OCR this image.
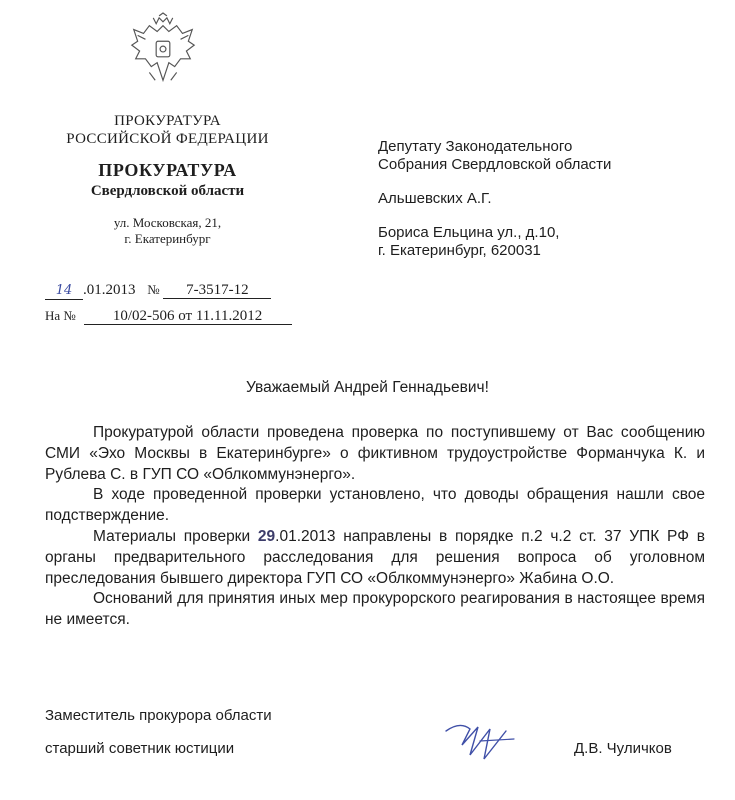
ПРОКУРАТУРА
РОССИЙСКОЙ ФЕДЕРАЦИИ
ПРОКУРАТУРА
Свердловской области
ул. Московская, 21,
г. Екатеринбург
Депутату Законодательного
Собрания Свердловской области
Альшевских А.Г.
Бориса Ельцина ул., д.10,
г. Екатеринбург, 620031
14 .01.2013 № 7-3517-12
На № 10/02-506 от 11.11.2012
Уважаемый Андрей Геннадьевич!

Прокуратурой области проведена проверка по поступившему от Вас сообщению СМИ «Эхо Москвы в Екатеринбурге» о фиктивном трудоустройстве Форманчука К. и Рублева С. в ГУП СО «Облкоммунэнерго».

В ходе проведенной проверки установлено, что доводы обращения нашли свое подстверждение.

Материалы проверки 29.01.2013 направлены в порядке п.2 ч.2 ст. 37 УПК РФ в органы предварительного расследования для решения вопроса об уголовном преследования бывшего директора ГУП СО «Облкоммунэнерго» Жабина О.О.

Оснований для принятия иных мер прокурорского реагирования в настоящее время не имеется.

Заместитель прокурора области
старший советник юстиции	Д.В. Чуличков
